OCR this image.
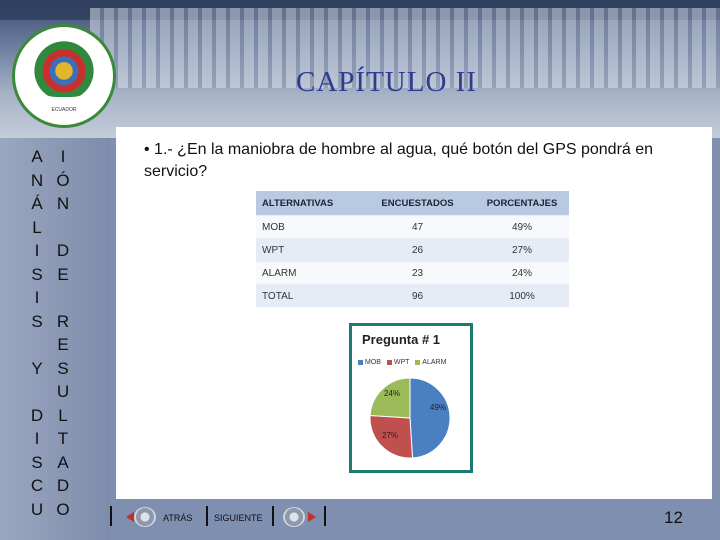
ECUADOR
CAPÍTULO II
A
N
Á
L
I
S
I
S
Y
D
I
S
C
U
I
Ó
N
D
E
R
E
S
U
L
T
A
D
O
• 1.- ¿En la maniobra de hombre al agua, qué botón del GPS pondrá en servicio?
ALTERNATIVAS	ENCUESTADOS	PORCENTAJES
MOB	47	49%
WPT	26	27%
ALARM	23	24%
TOTAL	96	100%
Pregunta # 1
MOB WPT ALARM
49%
27%
24%
ATRÁS SIGUIENTE	12
